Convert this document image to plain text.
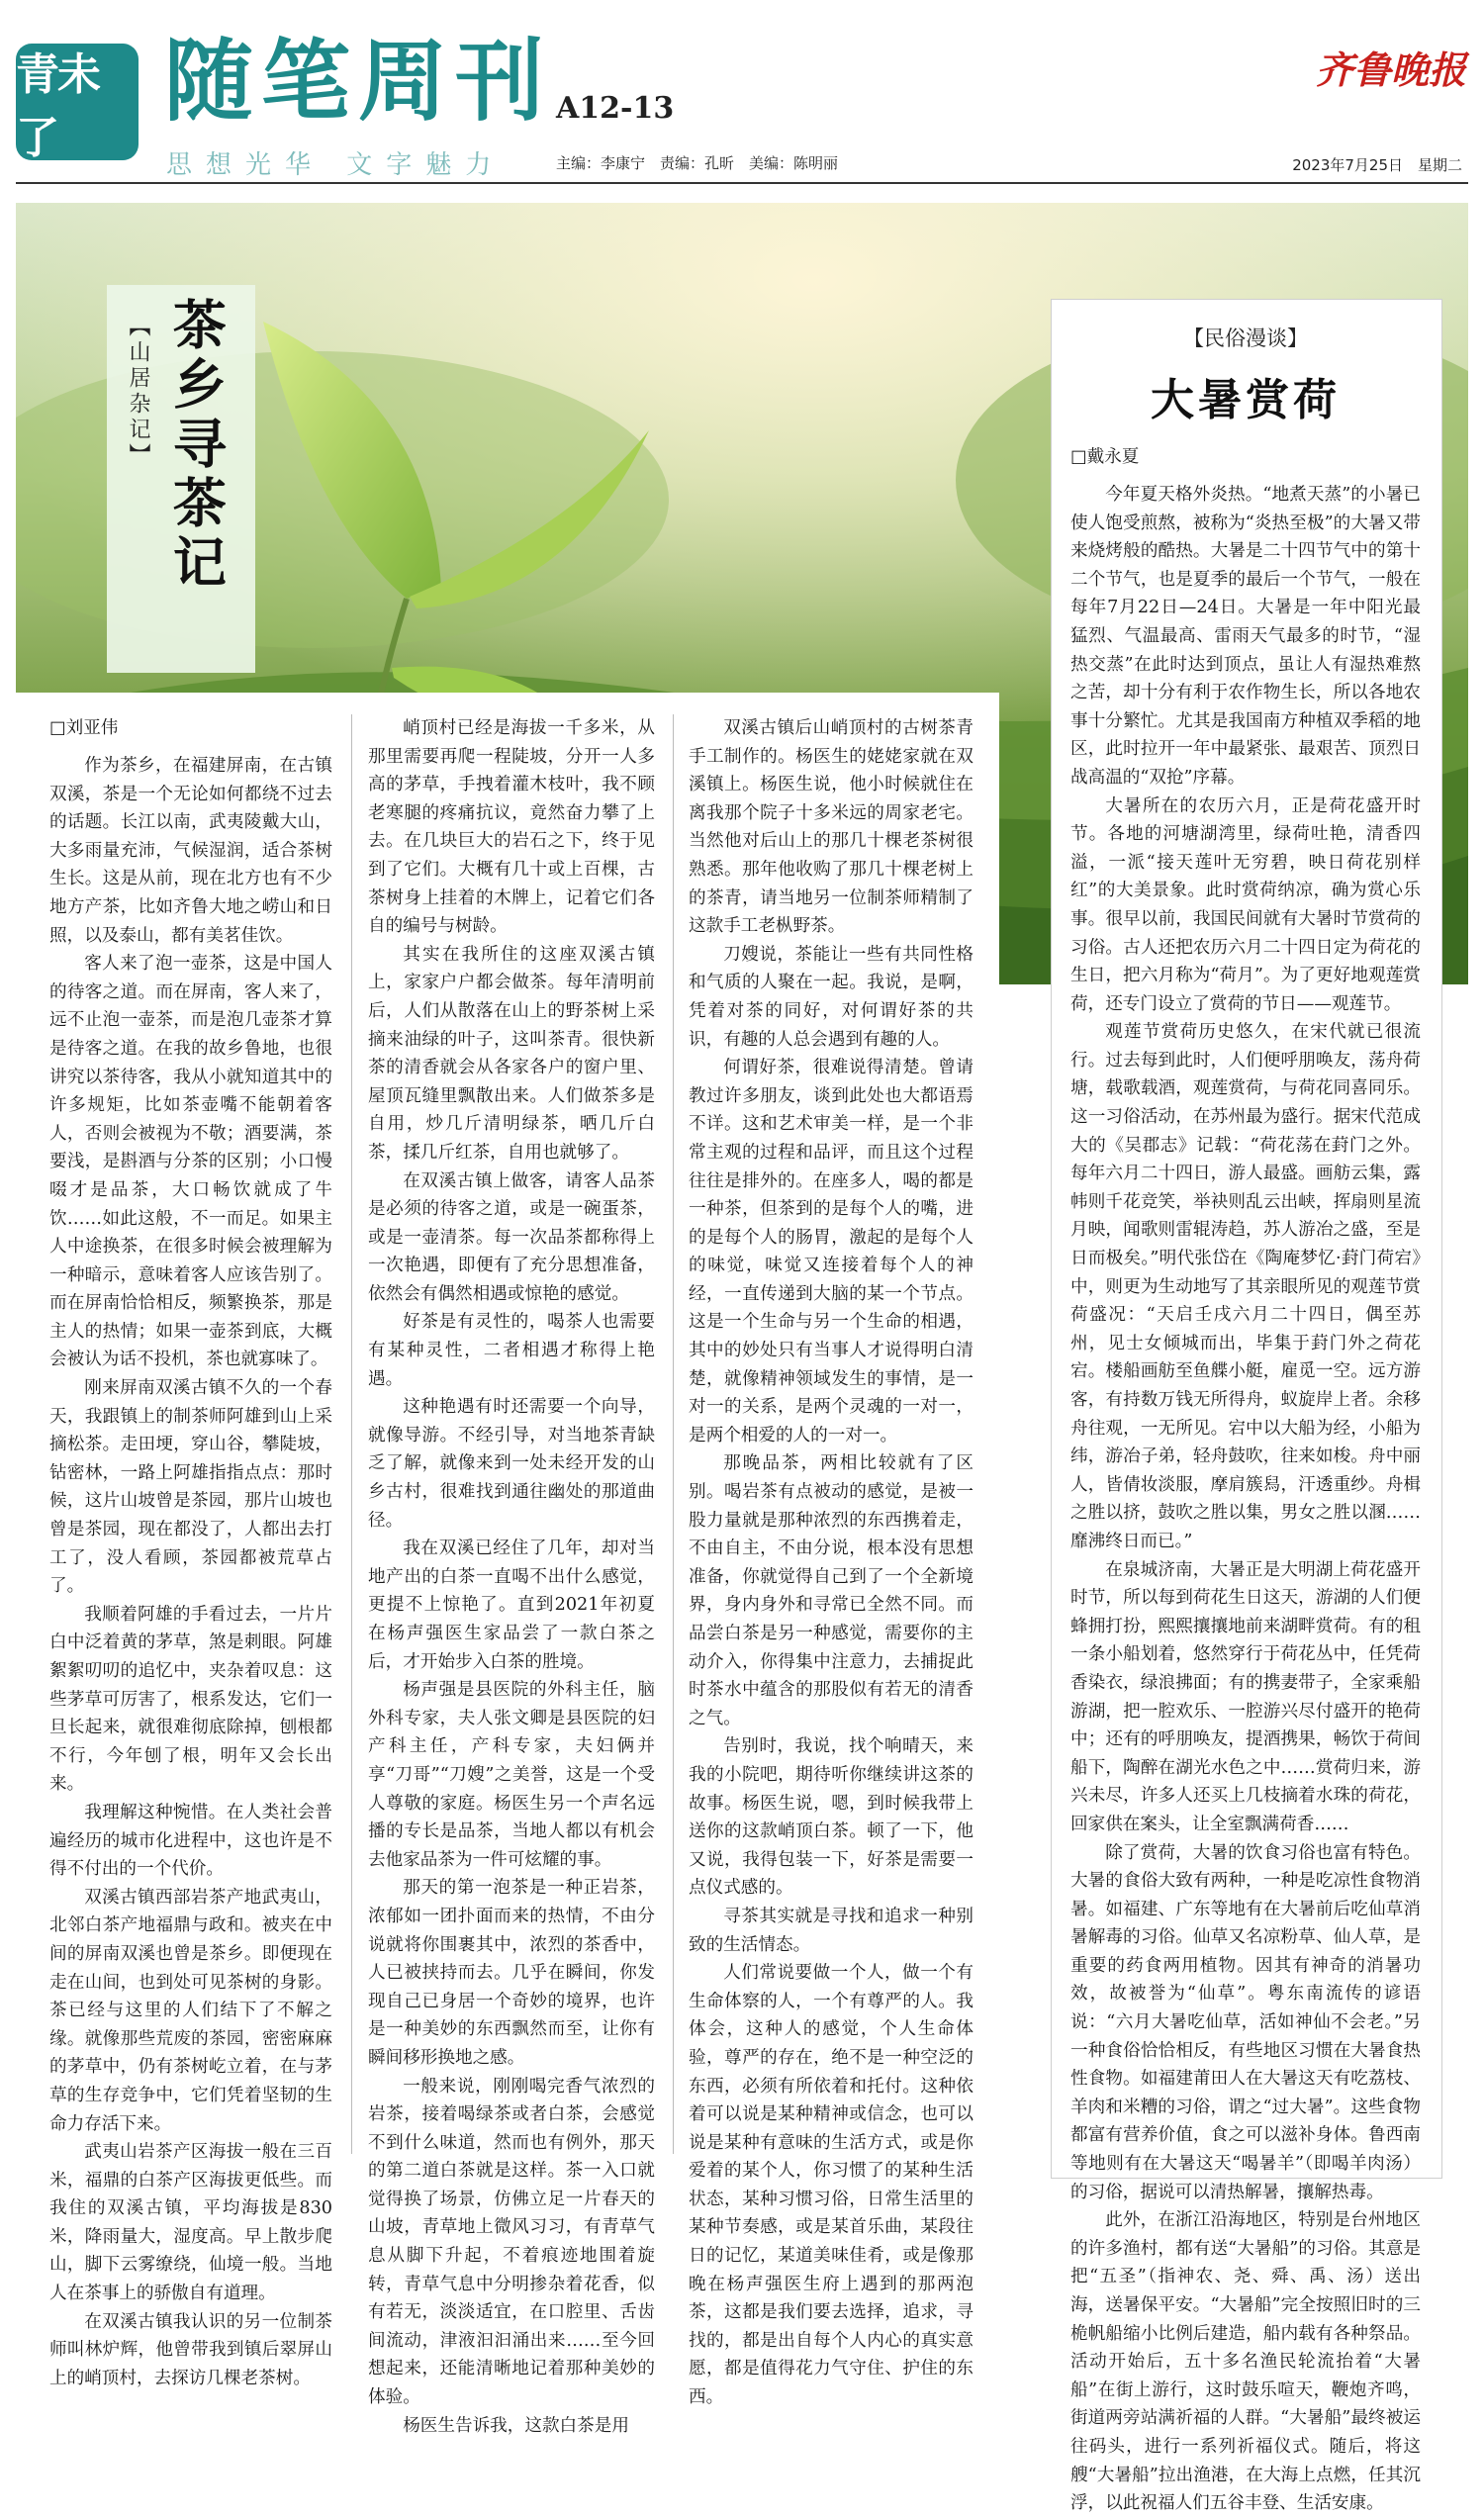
青未了
随笔周刊 A12-13
思想光华 文字魅力	主编：李康宁　责编：孔昕　美编：陈明丽
齐鲁晚报
2023年7月25日　星期二
【山居杂记】 茶乡寻茶记
□刘亚伟

作为茶乡，在福建屏南，在古镇双溪，茶是一个无论如何都绕不过去的话题。长江以南，武夷陵戴大山，大多雨量充沛，气候湿润，适合茶树生长。这是从前，现在北方也有不少地方产茶，比如齐鲁大地之崂山和日照，以及泰山，都有美茗佳饮。

客人来了泡一壶茶，这是中国人的待客之道。而在屏南，客人来了，远不止泡一壶茶，而是泡几壶茶才算是待客之道。在我的故乡鲁地，也很讲究以茶待客，我从小就知道其中的许多规矩，比如茶壶嘴不能朝着客人，否则会被视为不敬；酒要满，茶要浅，是斟酒与分茶的区别；小口慢啜才是品茶，大口畅饮就成了牛饮……如此这般，不一而足。如果主人中途换茶，在很多时候会被理解为一种暗示，意味着客人应该告别了。而在屏南恰恰相反，频繁换茶，那是主人的热情；如果一壶茶到底，大概会被认为话不投机，茶也就寡味了。

刚来屏南双溪古镇不久的一个春天，我跟镇上的制茶师阿雄到山上采摘松茶。走田埂，穿山谷，攀陡坡，钻密林，一路上阿雄指指点点：那时候，这片山坡曾是茶园，那片山坡也曾是茶园，现在都没了，人都出去打工了，没人看顾，茶园都被荒草占了。

我顺着阿雄的手看过去，一片片白中泛着黄的茅草，煞是刺眼。阿雄絮絮叨叨的追忆中，夹杂着叹息：这些茅草可厉害了，根系发达，它们一旦长起来，就很难彻底除掉，刨根都不行，今年刨了根，明年又会长出来。

我理解这种惋惜。在人类社会普遍经历的城市化进程中，这也许是不得不付出的一个代价。

双溪古镇西部岩茶产地武夷山，北邻白茶产地福鼎与政和。被夹在中间的屏南双溪也曾是茶乡。即便现在走在山间，也到处可见茶树的身影。茶已经与这里的人们结下了不解之缘。就像那些荒废的茶园，密密麻麻的茅草中，仍有茶树屹立着，在与茅草的生存竞争中，它们凭着坚韧的生命力存活下来。

武夷山岩茶产区海拔一般在三百米，福鼎的白茶产区海拔更低些。而我住的双溪古镇，平均海拔是830米，降雨量大，湿度高。早上散步爬山，脚下云雾缭绕，仙境一般。当地人在茶事上的骄傲自有道理。

在双溪古镇我认识的另一位制茶师叫林炉辉，他曾带我到镇后翠屏山上的峭顶村，去探访几棵老茶树。

峭顶村已经是海拔一千多米，从那里需要再爬一程陡坡，分开一人多高的茅草，手拽着灌木枝叶，我不顾老寒腿的疼痛抗议，竟然奋力攀了上去。在几块巨大的岩石之下，终于见到了它们。大概有几十或上百棵，古茶树身上挂着的木牌上，记着它们各自的编号与树龄。

其实在我所住的这座双溪古镇上，家家户户都会做茶。每年清明前后，人们从散落在山上的野茶树上采摘来油绿的叶子，这叫茶青。很快新茶的清香就会从各家各户的窗户里、屋顶瓦缝里飘散出来。人们做茶多是自用，炒几斤清明绿茶，晒几斤白茶，揉几斤红茶，自用也就够了。

在双溪古镇上做客，请客人品茶是必须的待客之道，或是一碗蛋茶，或是一壶清茶。每一次品茶都称得上一次艳遇，即便有了充分思想准备，依然会有偶然相遇或惊艳的感觉。

好茶是有灵性的，喝茶人也需要有某种灵性，二者相遇才称得上艳遇。

这种艳遇有时还需要一个向导，就像导游。不经引导，对当地茶青缺乏了解，就像来到一处未经开发的山乡古村，很难找到通往幽处的那道曲径。

我在双溪已经住了几年，却对当地产出的白茶一直喝不出什么感觉，更提不上惊艳了。直到2021年初夏在杨声强医生家品尝了一款白茶之后，才开始步入白茶的胜境。

杨声强是县医院的外科主任，脑外科专家，夫人张文卿是县医院的妇产科主任，产科专家，夫妇俩并享“刀哥”“刀嫂”之美誉，这是一个受人尊敬的家庭。杨医生另一个声名远播的专长是品茶，当地人都以有机会去他家品茶为一件可炫耀的事。

那天的第一泡茶是一种正岩茶，浓郁如一团扑面而来的热情，不由分说就将你围裹其中，浓烈的茶香中，人已被挟持而去。几乎在瞬间，你发现自己已身居一个奇妙的境界，也许是一种美妙的东西飘然而至，让你有瞬间移形换地之感。

一般来说，刚刚喝完香气浓烈的岩茶，接着喝绿茶或者白茶，会感觉不到什么味道，然而也有例外，那天的第二道白茶就是这样。茶一入口就觉得换了场景，仿佛立足一片春天的山坡，青草地上微风习习，有青草气息从脚下升起，不着痕迹地围着旋转，青草气息中分明掺杂着花香，似有若无，淡淡适宜，在口腔里、舌齿间流动，津液汩汩涌出来……至今回想起来，还能清晰地记着那种美妙的体验。

杨医生告诉我，这款白茶是用

双溪古镇后山峭顶村的古树茶青手工制作的。杨医生的姥姥家就在双溪镇上。杨医生说，他小时候就住在离我那个院子十多米远的周家老宅。当然他对后山上的那几十棵老茶树很熟悉。那年他收购了那几十棵老树上的茶青，请当地另一位制茶师精制了这款手工老枞野茶。

刀嫂说，茶能让一些有共同性格和气质的人聚在一起。我说，是啊，凭着对茶的同好，对何谓好茶的共识，有趣的人总会遇到有趣的人。

何谓好茶，很难说得清楚。曾请教过许多朋友，谈到此处也大都语焉不详。这和艺术审美一样，是一个非常主观的过程和品评，而且这个过程往往是排外的。在座多人，喝的都是一种茶，但茶到的是每个人的嘴，进的是每个人的肠胃，激起的是每个人的味觉，味觉又连接着每个人的神经，一直传递到大脑的某一个节点。这是一个生命与另一个生命的相遇，其中的妙处只有当事人才说得明白清楚，就像精神领域发生的事情，是一对一的关系，是两个灵魂的一对一，是两个相爱的人的一对一。

那晚品茶，两相比较就有了区别。喝岩茶有点被动的感觉，是被一股力量就是那种浓烈的东西携着走，不由自主，不由分说，根本没有思想准备，你就觉得自己到了一个全新境界，身内身外和寻常已全然不同。而品尝白茶是另一种感觉，需要你的主动介入，你得集中注意力，去捕捉此时茶水中蕴含的那股似有若无的清香之气。

告别时，我说，找个响晴天，来我的小院吧，期待听你继续讲这茶的故事。杨医生说，嗯，到时候我带上送你的这款峭顶白茶。顿了一下，他又说，我得包装一下，好茶是需要一点仪式感的。

寻茶其实就是寻找和追求一种别致的生活情态。

人们常说要做一个人，做一个有生命体察的人，一个有尊严的人。我体会，这种人的感觉，个人生命体验，尊严的存在，绝不是一种空泛的东西，必须有所依着和托付。这种依着可以说是某种精神或信念，也可以说是某种有意味的生活方式，或是你爱着的某个人，你习惯了的某种生活状态，某种习惯习俗，日常生活里的某种节奏感，或是某首乐曲，某段往日的记忆，某道美味佳肴，或是像那晚在杨声强医生府上遇到的那两泡茶，这都是我们要去选择，追求，寻找的，都是出自每个人内心的真实意愿，都是值得花力气守住、护住的东西。

【民俗漫谈】
大暑赏荷
□戴永夏

今年夏天格外炎热。“地煮天蒸”的小暑已使人饱受煎熬，被称为“炎热至极”的大暑又带来烧烤般的酷热。大暑是二十四节气中的第十二个节气，也是夏季的最后一个节气，一般在每年7月22日—24日。大暑是一年中阳光最猛烈、气温最高、雷雨天气最多的时节，“湿热交蒸”在此时达到顶点，虽让人有湿热难熬之苦，却十分有利于农作物生长，所以各地农事十分繁忙。尤其是我国南方种植双季稻的地区，此时拉开一年中最紧张、最艰苦、顶烈日战高温的“双抢”序幕。

大暑所在的农历六月，正是荷花盛开时节。各地的河塘湖湾里，绿荷吐艳，清香四溢，一派“接天莲叶无穷碧，映日荷花别样红”的大美景象。此时赏荷纳凉，确为赏心乐事。很早以前，我国民间就有大暑时节赏荷的习俗。古人还把农历六月二十四日定为荷花的生日，把六月称为“荷月”。为了更好地观莲赏荷，还专门设立了赏荷的节日——观莲节。

观莲节赏荷历史悠久，在宋代就已很流行。过去每到此时，人们便呼朋唤友，荡舟荷塘，载歌载酒，观莲赏荷，与荷花同喜同乐。这一习俗活动，在苏州最为盛行。据宋代范成大的《吴郡志》记载：“荷花荡在葑门之外。每年六月二十四日，游人最盛。画舫云集，露帏则千花竞笑，举袂则乱云出峡，挥扇则星流月映，闻歌则雷辊涛趋，苏人游冶之盛，至是日而极矣。”明代张岱在《陶庵梦忆·葑门荷宕》中，则更为生动地写了其亲眼所见的观莲节赏荷盛况：“天启壬戌六月二十四日，偶至苏州，见士女倾城而出，毕集于葑门外之荷花宕。楼船画舫至鱼艓小艇，雇觅一空。远方游客，有持数万钱无所得舟，蚁旋岸上者。余移舟往观，一无所见。宕中以大船为经，小船为纬，游冶子弟，轻舟鼓吹，往来如梭。舟中丽人，皆倩妆淡服，摩肩簇舄，汗透重纱。舟楫之胜以挤，鼓吹之胜以集，男女之胜以溷……靡沸终日而已。”

在泉城济南，大暑正是大明湖上荷花盛开时节，所以每到荷花生日这天，游湖的人们便蜂拥打扮，熙熙攘攘地前来湖畔赏荷。有的租一条小船划着，悠然穿行于荷花丛中，任凭荷香染衣，绿浪拂面；有的携妻带子，全家乘船游湖，把一腔欢乐、一腔游兴尽付盛开的艳荷中；还有的呼朋唤友，提酒携果，畅饮于荷间船下，陶醉在湖光水色之中……赏荷归来，游兴未尽，许多人还买上几枝摘着水珠的荷花，回家供在案头，让全室飘满荷香……

除了赏荷，大暑的饮食习俗也富有特色。大暑的食俗大致有两种，一种是吃凉性食物消暑。如福建、广东等地有在大暑前后吃仙草消暑解毒的习俗。仙草又名凉粉草、仙人草，是重要的药食两用植物。因其有神奇的消暑功效，故被誉为“仙草”。粤东南流传的谚语说：“六月大暑吃仙草，活如神仙不会老。”另一种食俗恰恰相反，有些地区习惯在大暑食热性食物。如福建莆田人在大暑这天有吃荔枝、羊肉和米糟的习俗，谓之“过大暑”。这些食物都富有营养价值，食之可以滋补身体。鲁西南等地则有在大暑这天“喝暑羊”（即喝羊肉汤）的习俗，据说可以清热解暑，攘解热毒。

此外，在浙江沿海地区，特别是台州地区的许多渔村，都有送“大暑船”的习俗。其意是把“五圣”（指神农、尧、舜、禹、汤）送出海，送暑保平安。“大暑船”完全按照旧时的三桅帆船缩小比例后建造，船内载有各种祭品。活动开始后，五十多名渔民轮流抬着“大暑船”在街上游行，这时鼓乐喧天，鞭炮齐鸣，街道两旁站满祈福的人群。“大暑船”最终被运往码头，进行一系列祈福仪式。随后，将这艘“大暑船”拉出渔港，在大海上点燃，任其沉浮，以此祝福人们五谷丰登、生活安康。
